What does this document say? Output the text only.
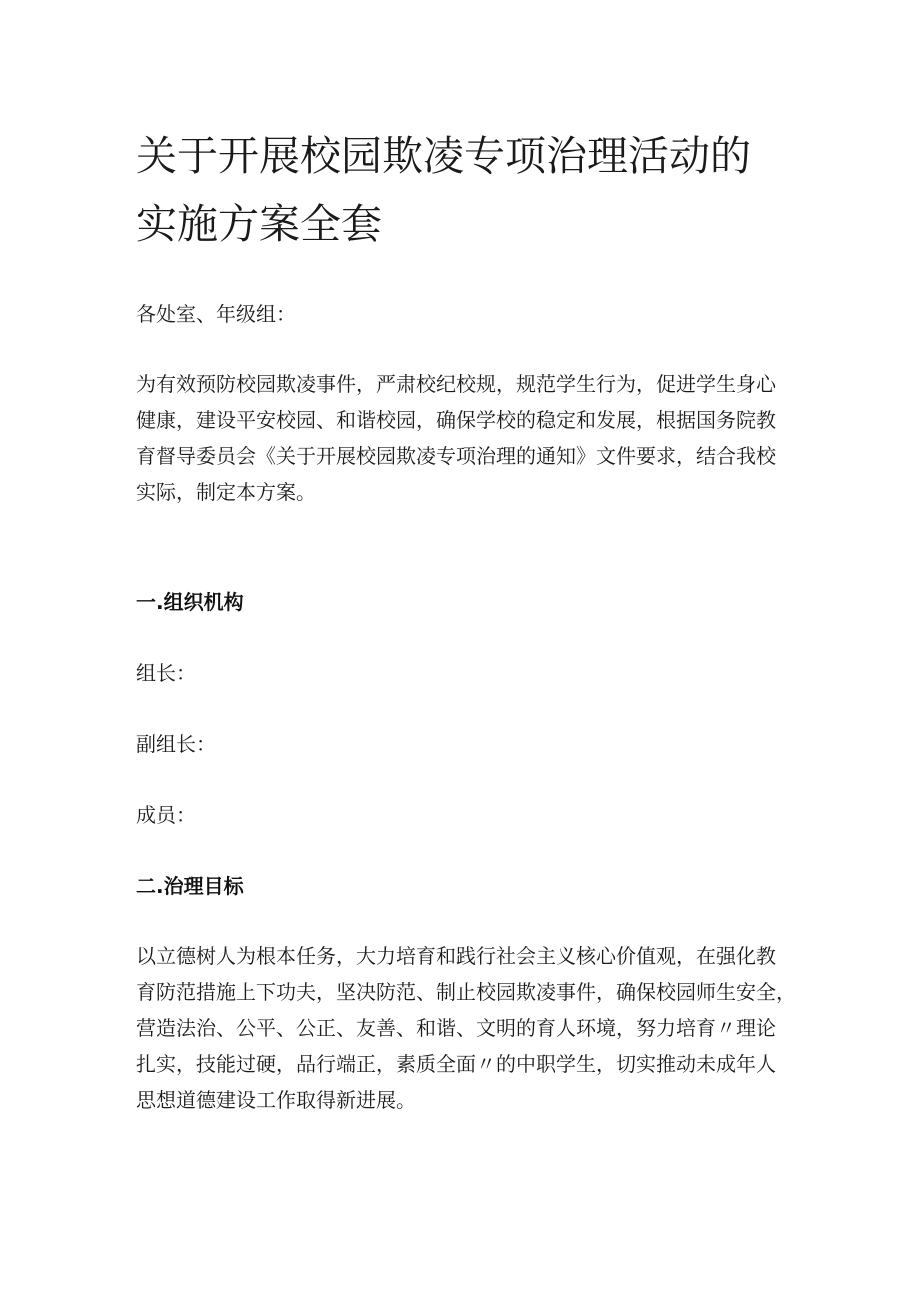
关于开展校园欺凌专项治理活动的
实施方案全套

各处室、年级组：

为有效预防校园欺凌事件，严肃校纪校规，规范学生行为，促进学生身心
健康，建设平安校园、和谐校园，确保学校的稳定和发展，根据国务院教
育督导委员会《关于开展校园欺凌专项治理的通知》文件要求，结合我校
实际，制定本方案。
一.组织机构

组长：

副组长：

成员：

二.治理目标
以立德树人为根本任务，大力培育和践行社会主义核心价值观，在强化教
育防范措施上下功夫，坚决防范、制止校园欺凌事件，确保校园师生安全，
营造法治、公平、公正、友善、和谐、文明的育人环境，努力培育〃理论
扎实，技能过硬，品行端正，素质全面〃的中职学生，切实推动未成年人
思想道德建设工作取得新进展。
